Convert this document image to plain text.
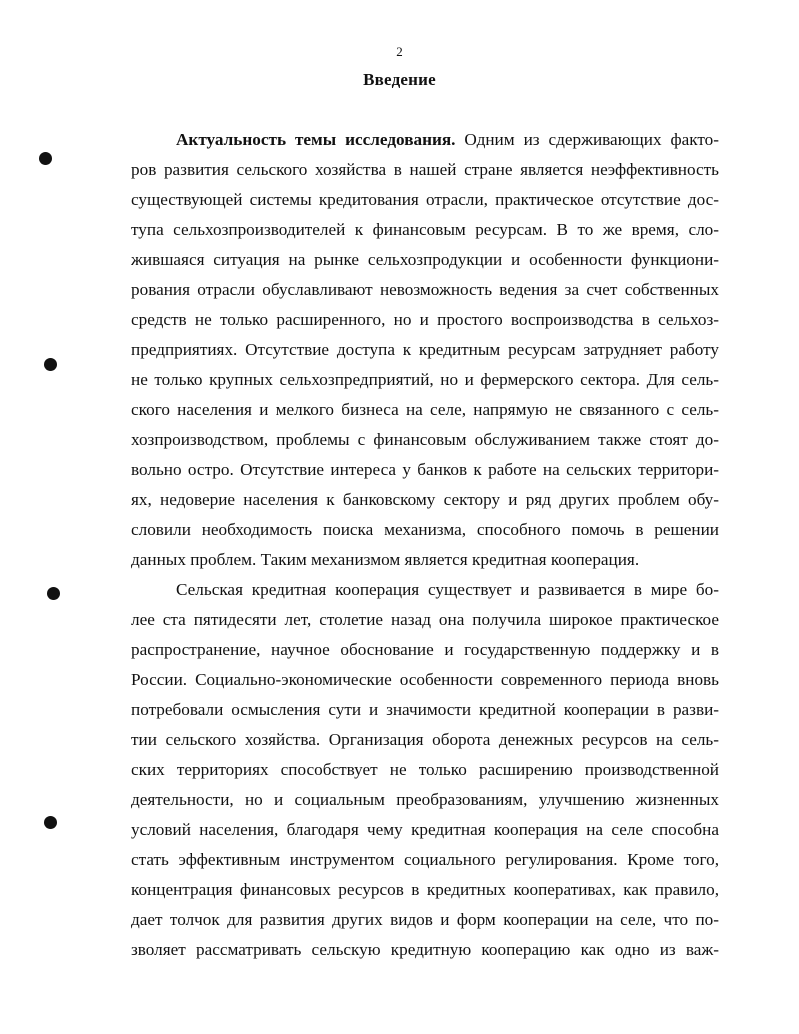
2
Введение
Актуальность темы исследования. Одним из сдерживающих факто-
ров развития сельского хозяйства в нашей стране является неэффективность
существующей системы кредитования отрасли, практическое отсутствие дос-
тупа сельхозпроизводителей к финансовым ресурсам. В то же время, сло-
жившаяся ситуация на рынке сельхозпродукции и особенности функциони-
рования отрасли обуславливают невозможность ведения за счет собственных
средств не только расширенного, но и простого воспроизводства в сельхоз-
предприятиях. Отсутствие доступа к кредитным ресурсам затрудняет работу
не только крупных сельхозпредприятий, но и фермерского сектора. Для сель-
ского населения и мелкого бизнеса на селе, напрямую не связанного с сель-
хозпроизводством, проблемы с финансовым обслуживанием также стоят до-
вольно остро. Отсутствие интереса у банков к работе на сельских территори-
ях, недоверие населения к банковскому сектору и ряд других проблем обу-
словили необходимость поиска механизма, способного помочь в решении
данных проблем. Таким механизмом является кредитная кооперация.
Сельская кредитная кооперация существует и развивается в мире бо-
лее ста пятидесяти лет, столетие назад она получила широкое практическое
распространение, научное обоснование и государственную поддержку и в
России. Социально-экономические особенности современного периода вновь
потребовали осмысления сути и значимости кредитной кооперации в разви-
тии сельского хозяйства. Организация оборота денежных ресурсов на сель-
ских территориях способствует не только расширению производственной
деятельности, но и социальным преобразованиям, улучшению жизненных
условий населения, благодаря чему кредитная кооперация на селе способна
стать эффективным инструментом социального регулирования. Кроме того,
концентрация финансовых ресурсов в кредитных кооперативах, как правило,
дает толчок для развития других видов и форм кооперации на селе, что по-
зволяет рассматривать сельскую кредитную кооперацию как одно из важ-
